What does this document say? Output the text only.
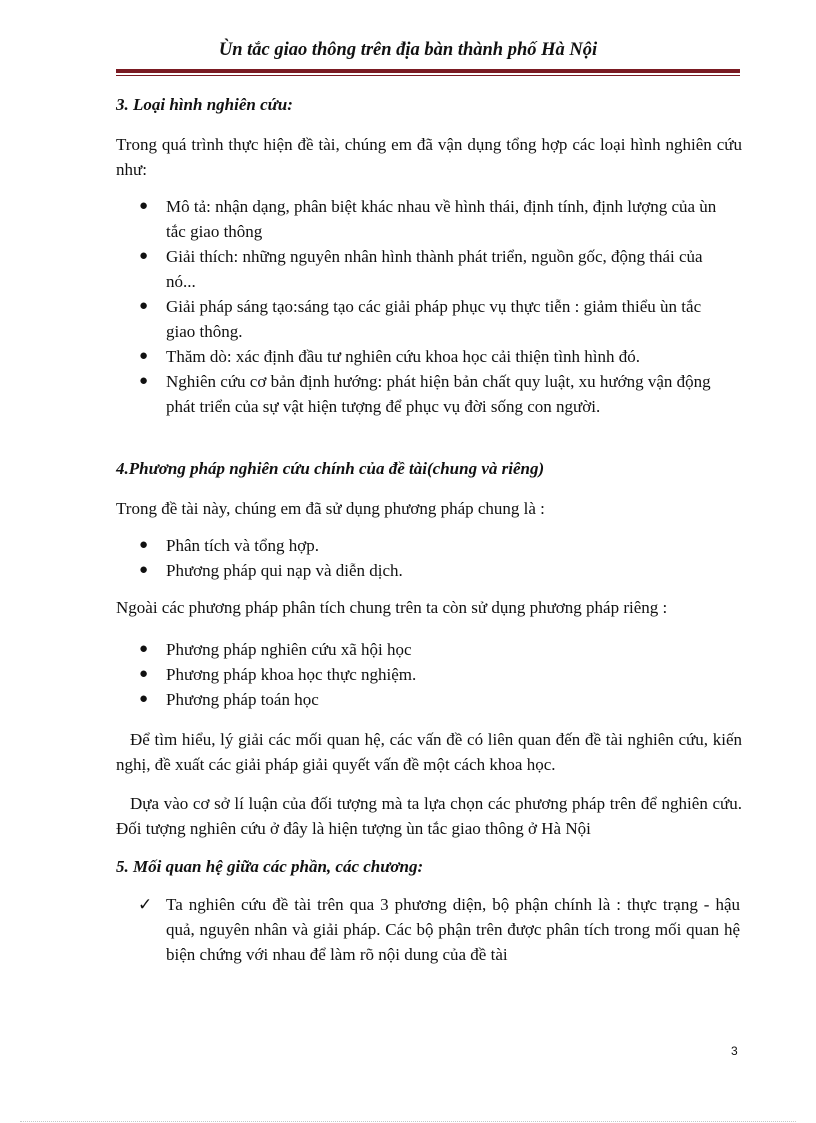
Ùn tắc giao thông trên địa bàn thành phố Hà Nội
3. Loại hình nghiên cứu:

Trong quá trình thực hiện đề tài, chúng em đã vận dụng tổng hợp các loại hình nghiên cứu như:

● Mô tả: nhận dạng, phân biệt khác nhau về hình thái, định tính, định lượng của ùn tắc giao thông
● Giải thích: những nguyên nhân hình thành phát triển, nguồn gốc, động thái của nó...
● Giải pháp sáng tạo:sáng tạo các giải pháp phục vụ thực tiễn : giảm thiểu ùn tắc giao thông.
● Thăm dò: xác định đầu tư nghiên cứu khoa học cải thiện tình hình đó.
● Nghiên cứu cơ bản định hướng: phát hiện bản chất quy luật, xu hướng vận động phát triển của sự vật hiện tượng để phục vụ đời sống con người.
4.Phương pháp nghiên cứu chính của đề tài(chung và riêng)

Trong đề tài này, chúng em đã sử dụng phương pháp chung là :

● Phân tích và tổng hợp.
● Phương pháp qui nạp và diễn dịch.

Ngoài các phương pháp phân tích chung trên ta còn sử dụng phương pháp riêng :

● Phương pháp nghiên cứu xã hội học
● Phương pháp khoa học thực nghiệm.
● Phương pháp toán học

Để tìm hiểu, lý giải các mối quan hệ, các vấn đề có liên quan đến đề tài nghiên cứu, kiến nghị, đề xuất các giải pháp giải quyết vấn đề một cách khoa học.

Dựa vào cơ sở lí luận của đối tượng mà ta lựa chọn các phương pháp trên để nghiên cứu. Đối tượng nghiên cứu ở đây là hiện tượng ùn tắc giao thông ở Hà Nội

5. Mối quan hệ giữa các phần, các chương:
✓ Ta nghiên cứu đề tài trên qua 3 phương diện, bộ phận chính là : thực trạng - hậu quả, nguyên nhân và giải pháp. Các bộ phận trên được phân tích trong mối quan hệ biện chứng với nhau để làm rõ nội dung của đề tài
3
